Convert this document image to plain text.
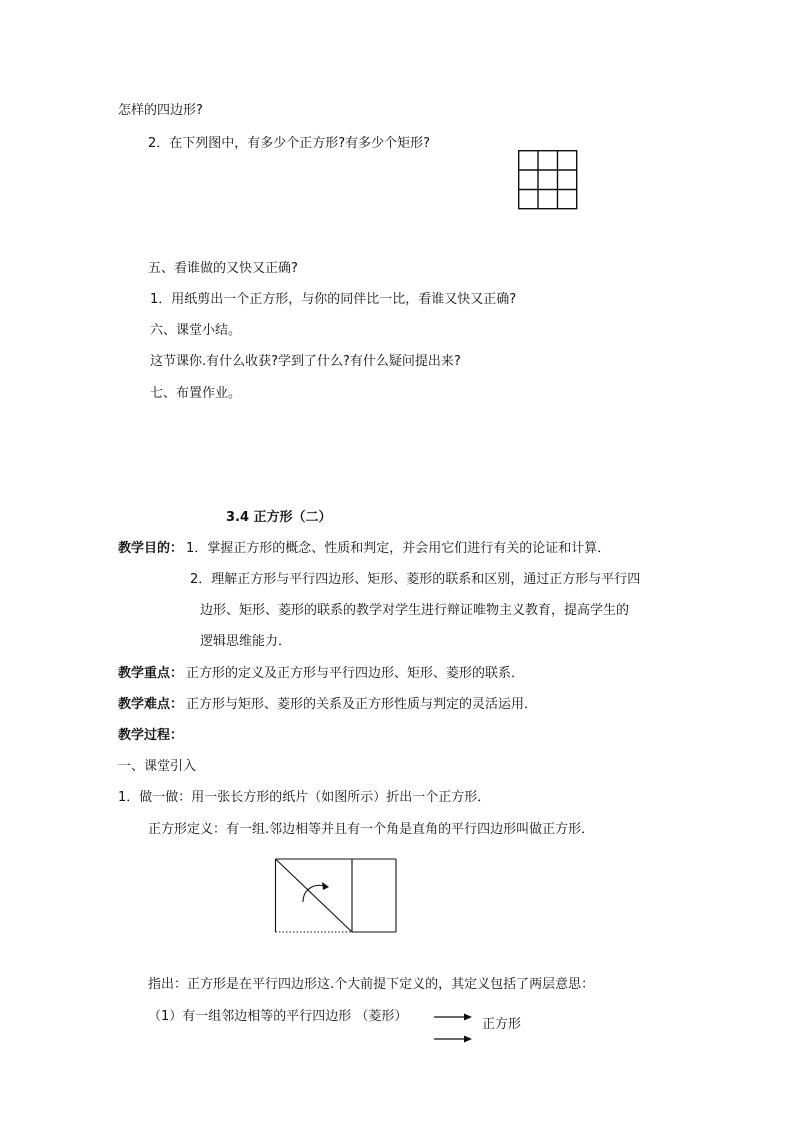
怎样的四边形?
2．在下列图中，有多少个正方形?有多少个矩形?
五、看谁做的又快又正确?
1．用纸剪出一个正方形，与你的同伴比一比，看谁又快又正确?
六、课堂小结。
这节课你.有什么收获?学到了什么?有什么疑问提出来?
七、布置作业。
3.4 正方形（二）
教学目的： 1．掌握正方形的概念、性质和判定，并会用它们进行有关的论证和计算．
2．理解正方形与平行四边形、矩形、菱形的联系和区别，通过正方形与平行四
边形、矩形、菱形的联系的教学对学生进行辩证唯物主义教育，提高学生的
逻辑思维能力．
教学重点： 正方形的定义及正方形与平行四边形、矩形、菱形的联系．
教学难点： 正方形与矩形、菱形的关系及正方形性质与判定的灵活运用．
教学过程：
一、课堂引入
1．做一做：用一张长方形的纸片（如图所示）折出一个正方形．
正方形定义：有一组.邻边相等并且有一个角是直角的平行四边形叫做正方形．
指出：正方形是在平行四边形这.个大前提下定义的，其定义包括了两层意思：
（1）有一组邻边相等的平行四边形 （菱形）
正方形
